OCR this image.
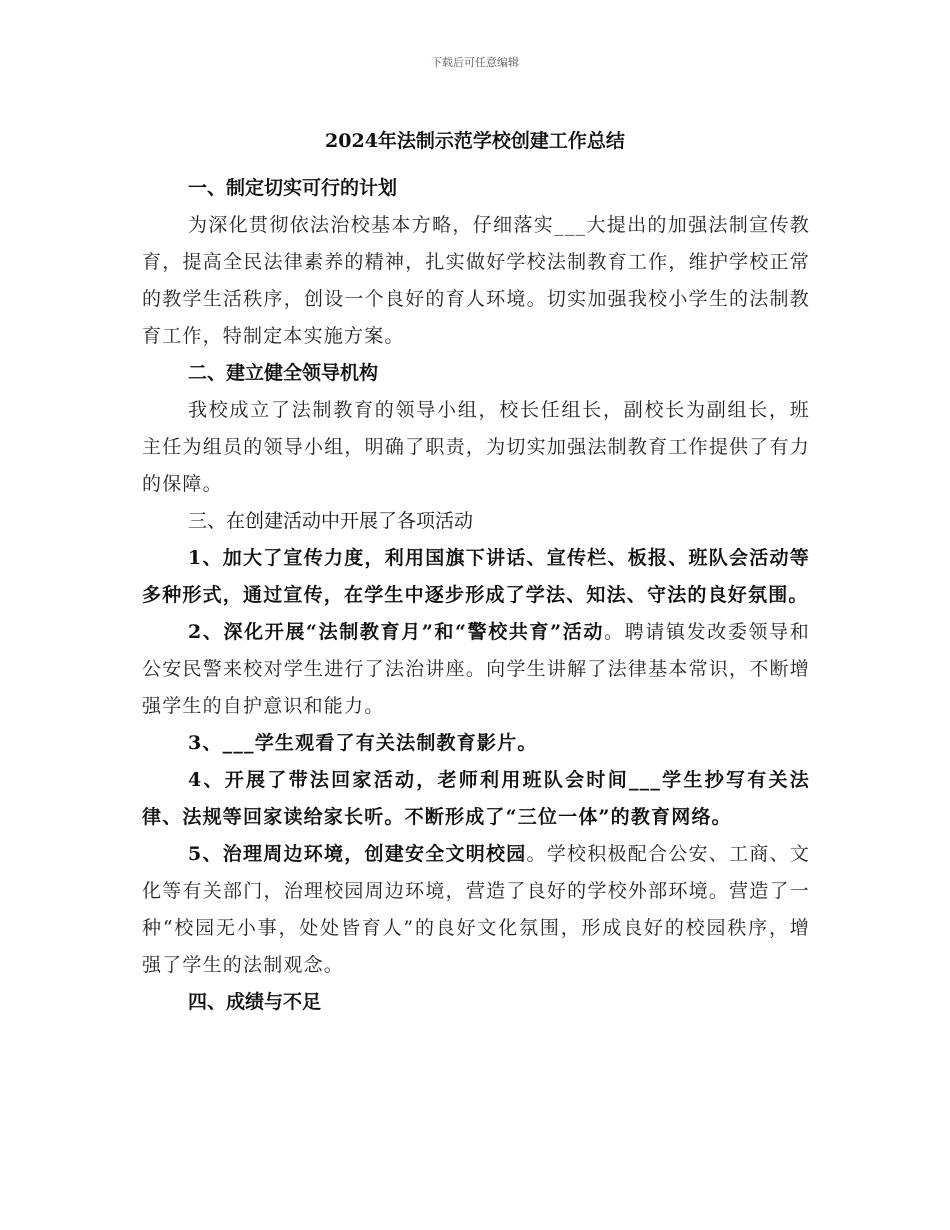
下载后可任意编辑
2024年法制示范学校创建工作总结

一、制定切实可行的计划

为深化贯彻依法治校基本方略，仔细落实___大提出的加强法制宣传教育，提高全民法律素养的精神，扎实做好学校法制教育工作，维护学校正常的教学生活秩序，创设一个良好的育人环境。切实加强我校小学生的法制教育工作，特制定本实施方案。

二、建立健全领导机构

我校成立了法制教育的领导小组，校长任组长，副校长为副组长，班主任为组员的领导小组，明确了职责，为切实加强法制教育工作提供了有力的保障。

三、在创建活动中开展了各项活动

1、加大了宣传力度，利用国旗下讲话、宣传栏、板报、班队会活动等多种形式，通过宣传，在学生中逐步形成了学法、知法、守法的良好氛围。

2、深化开展“法制教育月”和“警校共育”活动。聘请镇发改委领导和公安民警来校对学生进行了法治讲座。向学生讲解了法律基本常识，不断增强学生的自护意识和能力。

3、___学生观看了有关法制教育影片。

4、开展了带法回家活动，老师利用班队会时间___学生抄写有关法律、法规等回家读给家长听。不断形成了“三位一体”的教育网络。

5、治理周边环境，创建安全文明校园。学校积极配合公安、工商、文化等有关部门，治理校园周边环境，营造了良好的学校外部环境。营造了一种“校园无小事，处处皆育人”的良好文化氛围，形成良好的校园秩序，增强了学生的法制观念。

四、成绩与不足
